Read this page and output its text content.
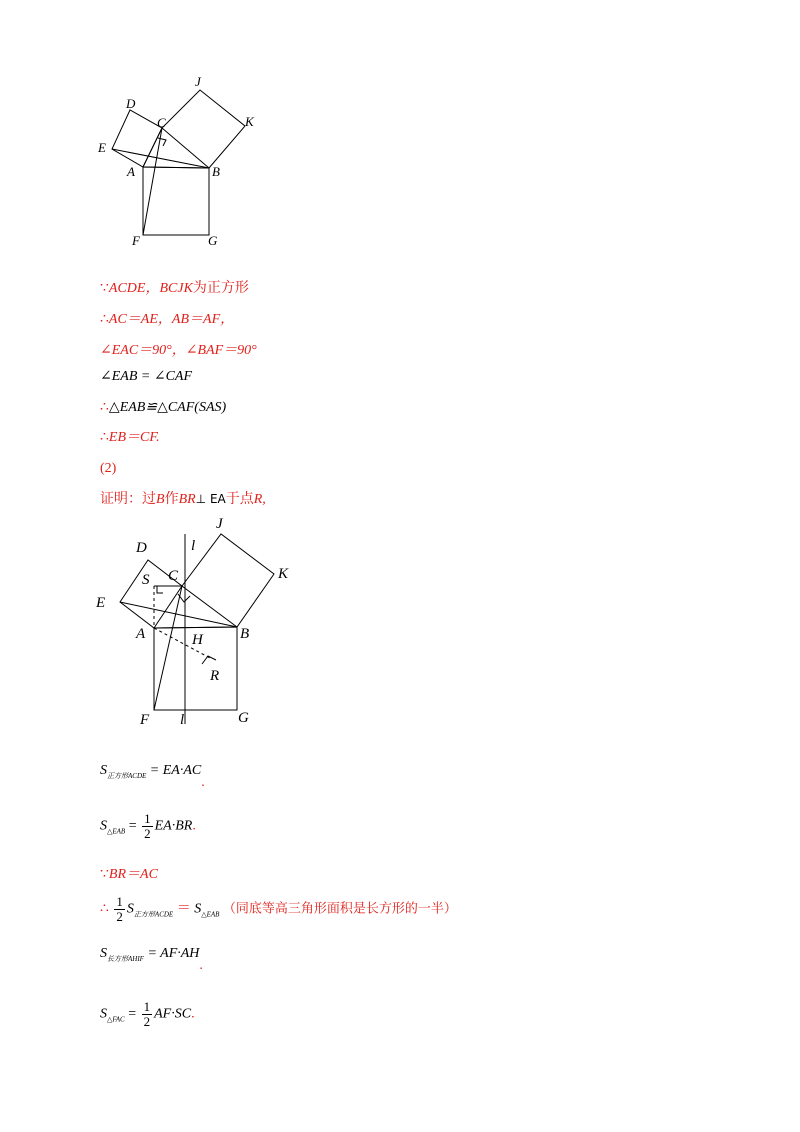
J
D
C	K
E
A	B
F	G
∵ACDE，BCJK为正方形
∴AC＝AE，AB＝AF，
∠EAC＝90°，∠BAF＝90°
∠EAB = ∠CAF
∴△EAB≌△CAF(SAS)
∴EB＝CF.
(2)
证明：过B作BR⊥ EA于点R,
J
D	l
K
S C
E
A	H B
R
F l	G
$S_{正方形ACDE} = EA\cdot AC$.
$S_{\triangle EAB} = \frac{1}{2} EA\cdot BR$.
∵BR＝AC
∴ $\frac{1}{2} S_{正方形ACDE} = S_{\triangle EAB}$ （同底等高三角形面积是长方形的一半）
$S_{长方形AHIF} = AF\cdot AH$.
$S_{\triangle FAC} = \frac{1}{2} AF\cdot SC$.
